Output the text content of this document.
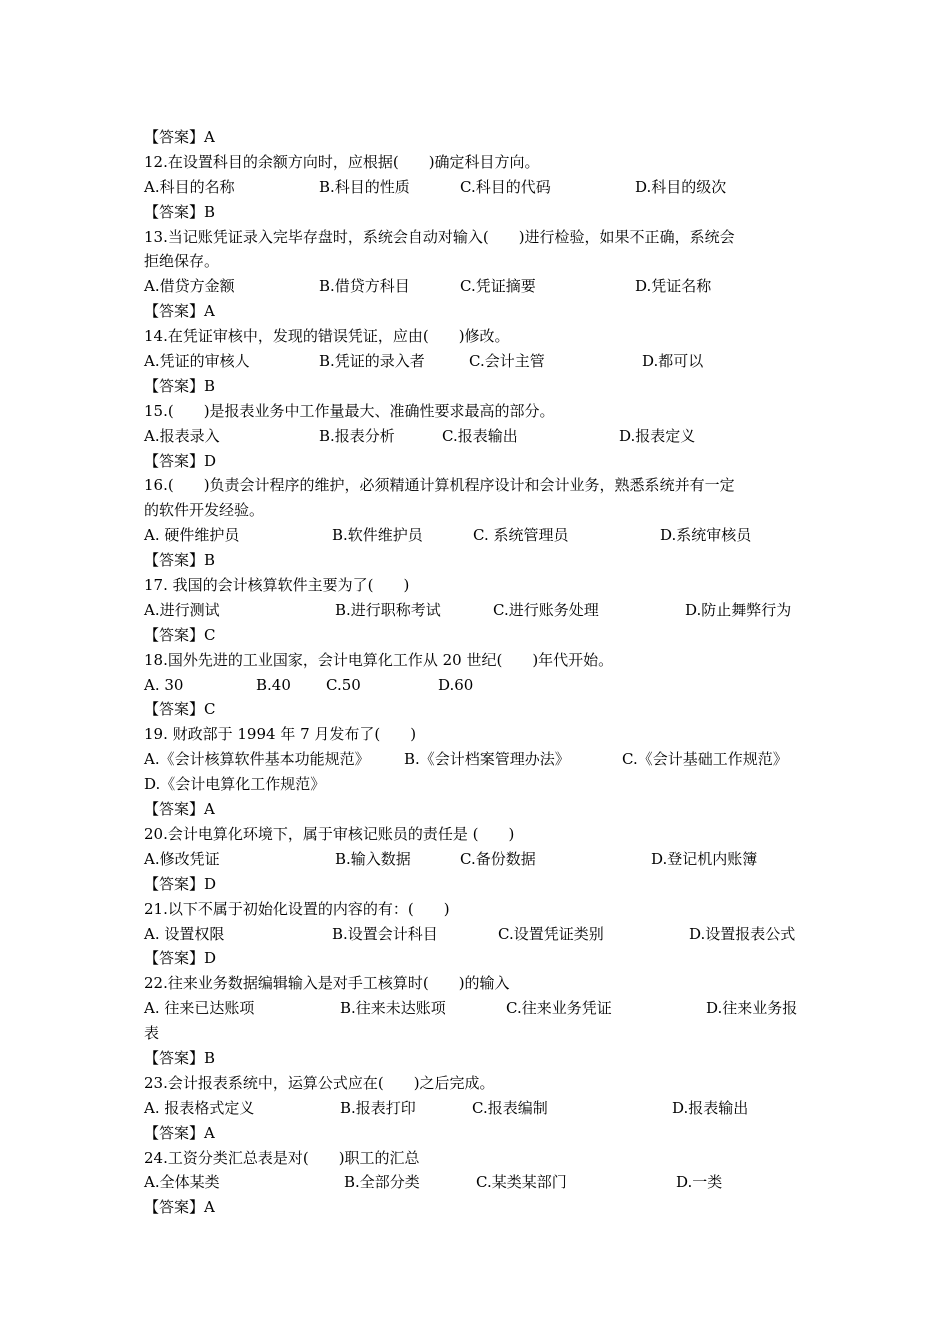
【答案】A
12.在设置科目的余额方向时，应根据(　　)确定科目方向。
A.科目的名称	B.科目的性质	C.科目的代码	D.科目的级次
【答案】B
13.当记账凭证录入完毕存盘时，系统会自动对输入(　　)进行检验，如果不正确，系统会
拒绝保存。
A.借贷方金额	B.借贷方科目	C.凭证摘要	D.凭证名称
【答案】A
14.在凭证审核中，发现的错误凭证，应由(　　)修改。
A.凭证的审核人	B.凭证的录入者	C.会计主管	D.都可以
【答案】B
15.(　　)是报表业务中工作量最大、准确性要求最高的部分。
A.报表录入	B.报表分析	C.报表输出	D.报表定义
【答案】D
16.(　　)负责会计程序的维护，必须精通计算机程序设计和会计业务，熟悉系统并有一定
的软件开发经验。
A. 硬件维护员	B.软件维护员	C. 系统管理员	D.系统审核员
【答案】B
17. 我国的会计核算软件主要为了(　　)
A.进行测试	B.进行职称考试	C.进行账务处理	D.防止舞弊行为
【答案】C
18.国外先进的工业国家，会计电算化工作从 20 世纪(　　)年代开始。
A. 30	B.40 C.50	D.60
【答案】C
19. 财政部于 1994 年 7 月发布了(　　)
A.《会计核算软件基本功能规范》 B.《会计档案管理办法》	C.《会计基础工作规范》
D.《会计电算化工作规范》
【答案】A
20.会计电算化环境下，属于审核记账员的责任是 (　　)
A.修改凭证	B.输入数据	C.备份数据	D.登记机内账簿
【答案】D
21.以下不属于初始化设置的内容的有：(　　)
A. 设置权限	B.设置会计科目	C.设置凭证类别	D.设置报表公式
【答案】D
22.往来业务数据编辑输入是对手工核算时(　　)的输入
A. 往来已达账项	B.往来未达账项	C.往来业务凭证	D.往来业务报
表
【答案】B
23.会计报表系统中，运算公式应在(　　)之后完成。
A. 报表格式定义	B.报表打印	C.报表编制	D.报表输出
【答案】A
24.工资分类汇总表是对(　　)职工的汇总
A.全体某类	B.全部分类	C.某类某部门	D.一类
【答案】A
